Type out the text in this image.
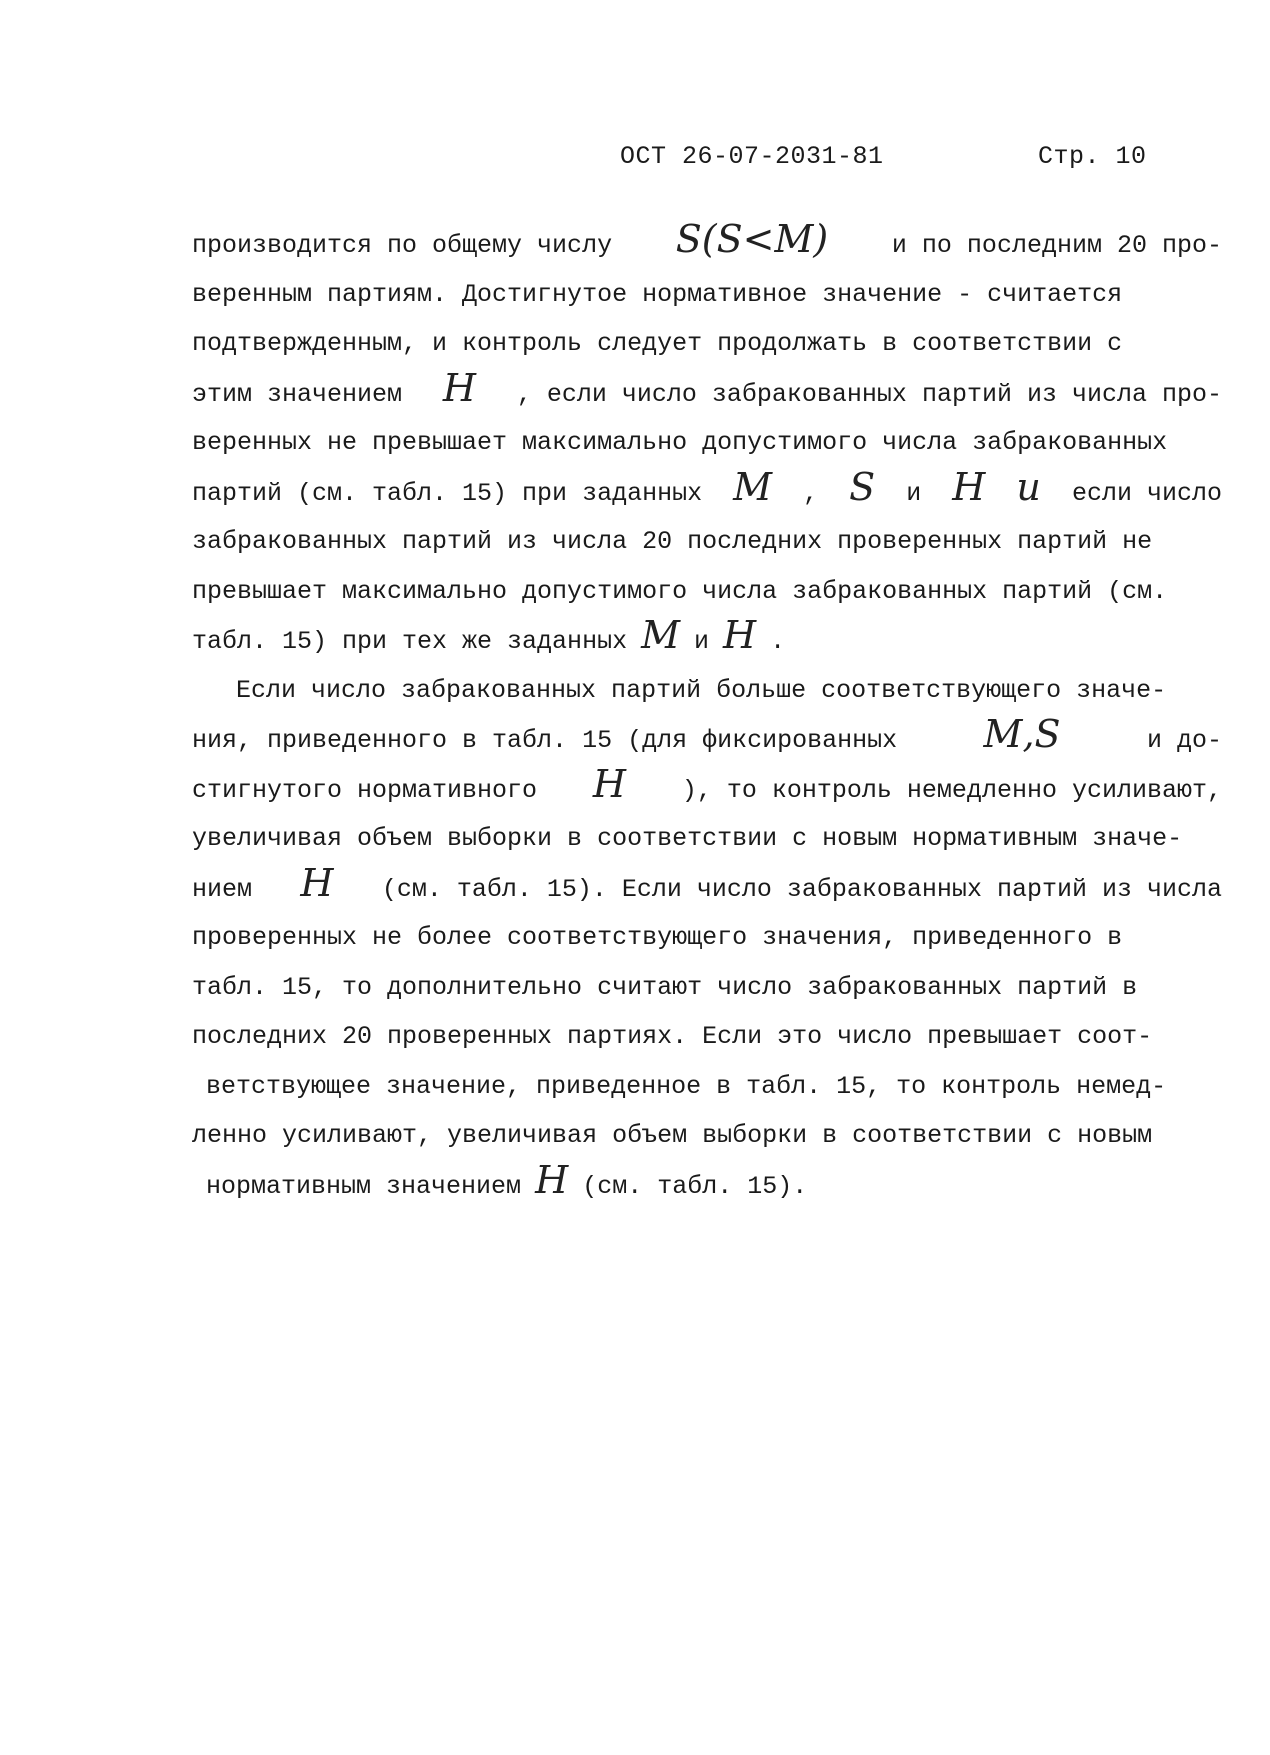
ОСТ 26-07-2031-81	Стр. 10
производится по общему числу S(S<M)	и по последним 20 про-
веренным партиям. Достигнутое нормативное значение - считается
подтвержденным, и контроль следует продолжать в соответствии с
этим значением H , если число забракованных партий из числа про-
веренных не превышает максимально допустимого числа забракованных
партий (см. табл. 15) при заданных M , S и H и если число
забракованных партий из числа 20 последних проверенных партий не
превышает максимально допустимого числа забракованных партий (см.
табл. 15) при тех же заданных M и H .
Если число забракованных партий больше соответствующего значе-
ния, приведенного в табл. 15 (для фиксированных M,S	и до-
стигнутого нормативного H ), то контроль немедленно усиливают,
увеличивая объем выборки в соответствии с новым нормативным значе-
нием H (см. табл. 15). Если число забракованных партий из числа
проверенных не более соответствующего значения, приведенного в
табл. 15, то дополнительно считают число забракованных партий в
последних 20 проверенных партиях. Если это число превышает соот-
ветствующее значение, приведенное в табл. 15, то контроль немед-
ленно усиливают, увеличивая объем выборки в соответствии с новым
нормативным значением H (см. табл. 15).
